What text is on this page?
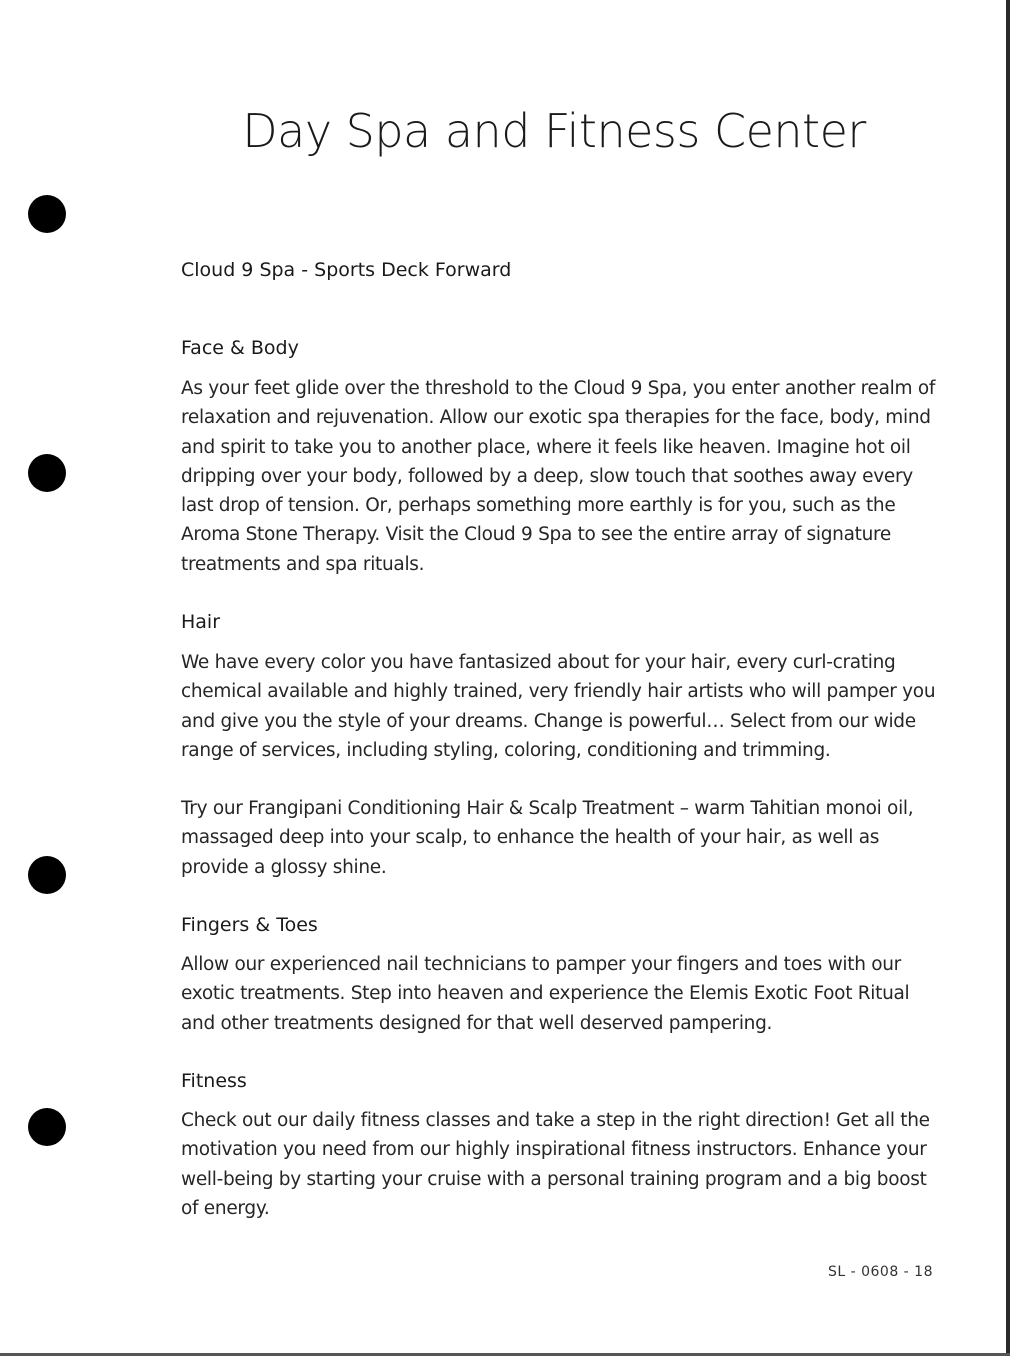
Day Spa and Fitness Center
Cloud 9 Spa - Sports Deck Forward
Face & Body

As your feet glide over the threshold to the Cloud 9 Spa, you enter another realm of relaxation and rejuvenation. Allow our exotic spa therapies for the face, body, mind and spirit to take you to another place, where it feels like heaven. Imagine hot oil dripping over your body, followed by a deep, slow touch that soothes away every last drop of tension. Or, perhaps something more earthly is for you, such as the Aroma Stone Therapy. Visit the Cloud 9 Spa to see the entire array of signature treatments and spa rituals.

Hair

We have every color you have fantasized about for your hair, every curl-crating chemical available and highly trained, very friendly hair artists who will pamper you and give you the style of your dreams. Change is powerful… Select from our wide range of services, including styling, coloring, conditioning and trimming.

Try our Frangipani Conditioning Hair & Scalp Treatment – warm Tahitian monoi oil, massaged deep into your scalp, to enhance the health of your hair, as well as provide a glossy shine.

Fingers & Toes

Allow our experienced nail technicians to pamper your fingers and toes with our exotic treatments. Step into heaven and experience the Elemis Exotic Foot Ritual and other treatments designed for that well deserved pampering.

Fitness

Check out our daily fitness classes and take a step in the right direction! Get all the motivation you need from our highly inspirational fitness instructors. Enhance your well-being by starting your cruise with a personal training program and a big boost of energy.

SL - 0608 - 18
